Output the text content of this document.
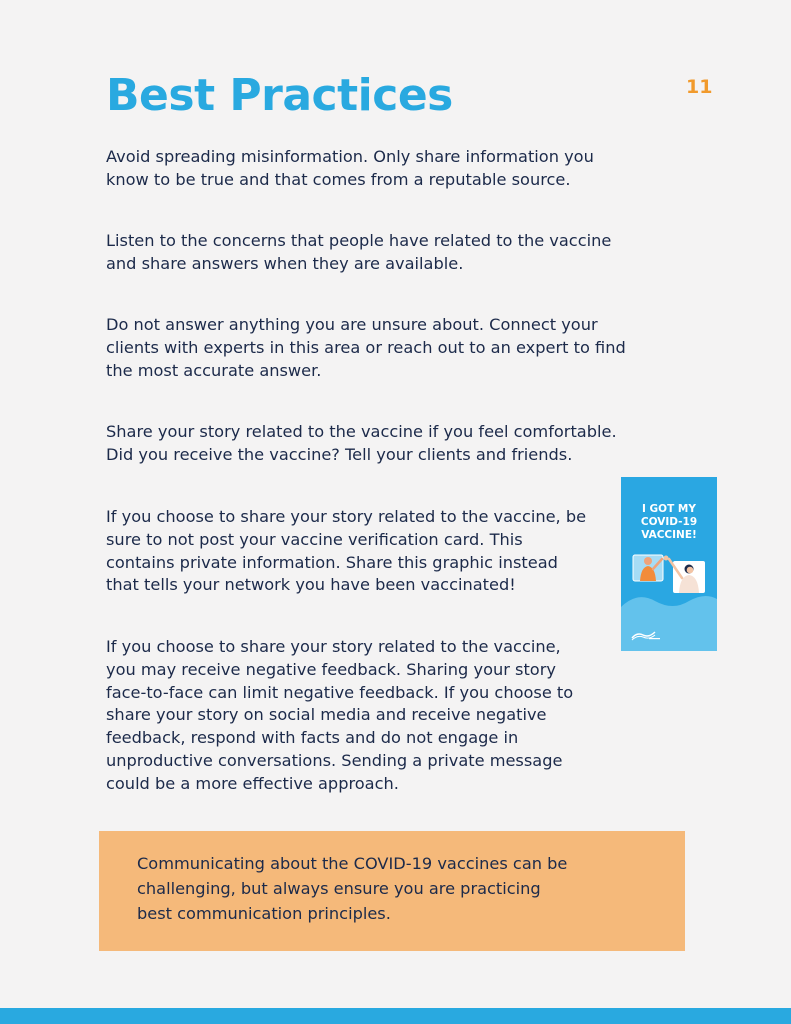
Best Practices	11

Avoid spreading misinformation. Only share information you
know to be true and that comes from a reputable source.

Listen to the concerns that people have related to the vaccine
and share answers when they are available.

Do not answer anything you are unsure about. Connect your
clients with experts in this area or reach out to an expert to find
the most accurate answer.

Share your story related to the vaccine if you feel comfortable.
Did you receive the vaccine? Tell your clients and friends.

If you choose to share your story related to the vaccine, be
sure to not post your vaccine verification card. This
contains private information. Share this graphic instead
that tells your network you have been vaccinated!

If you choose to share your story related to the vaccine,
you may receive negative feedback. Sharing your story
face-to-face can limit negative feedback. If you choose to
share your story on social media and receive negative
feedback, respond with facts and do not engage in
unproductive conversations. Sending a private message
could be a more effective approach.

I GOT MY
COVID-19
VACCINE!

Communicating about the COVID-19 vaccines can be
challenging, but always ensure you are practicing
best communication principles.
